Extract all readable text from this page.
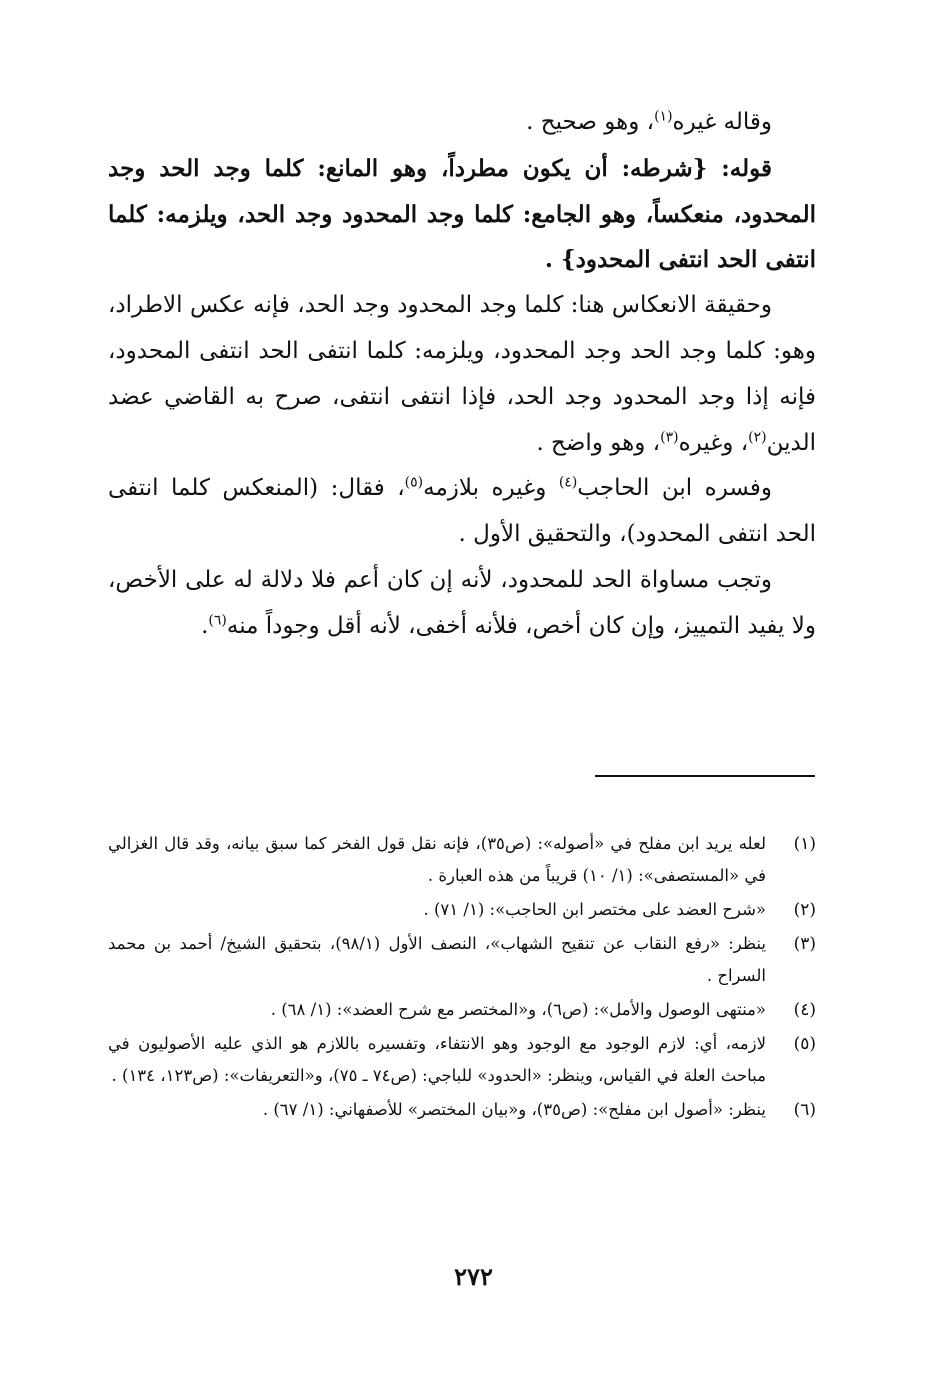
وقاله غيره$^{(١)}$، وهو صحيح .

قوله: {شرطه: أن يكون مطرداً، وهو المانع: كلما وجد الحد وجد المحدود، منعكساً، وهو الجامع: كلما وجد المحدود وجد الحد، ويلزمه: كلما انتفى الحد انتفى المحدود} .

وحقيقة الانعكاس هنا: كلما وجد المحدود وجد الحد، فإنه عكس الاطراد، وهو: كلما وجد الحد وجد المحدود، ويلزمه: كلما انتفى الحد انتفى المحدود، فإنه إذا وجد المحدود وجد الحد، فإذا انتفى انتفى، صرح به القاضي عضد الدين$^{(٢)}$، وغيره$^{(٣)}$، وهو واضح .

وفسره ابن الحاجب$^{(٤)}$ وغيره بلازمه$^{(٥)}$، فقال: (المنعكس كلما انتفى الحد انتفى المحدود)، والتحقيق الأول .

وتجب مساواة الحد للمحدود، لأنه إن كان أعم فلا دلالة له على الأخص، ولا يفيد التمييز، وإن كان أخص، فلأنه أخفى، لأنه أقل وجوداً منه$^{(٦)}$.

(١)
لعله يريد ابن مفلح في «أصوله»: (ص٣٥)، فإنه نقل قول الفخر كما سبق بيانه، وقد قال الغزالي في «المستصفى»: (١/ ١٠) قريباً من هذه العبارة .
(٢)
«شرح العضد على مختصر ابن الحاجب»: (١/ ٧١) .
(٣)
ينظر: «رفع النقاب عن تنقيح الشهاب»، النصف الأول (٩٨/١)، بتحقيق الشيخ/ أحمد بن محمد السراح .
(٤)
«منتهى الوصول والأمل»: (ص٦)، و«المختصر مع شرح العضد»: (١/ ٦٨) .
(٥)
لازمه، أي: لازم الوجود مع الوجود وهو الانتفاء، وتفسيره باللازم هو الذي عليه الأصوليون في مباحث العلة في القياس، وينظر: «الحدود» للباجي: (ص٧٤ ـ ٧٥)، و«التعريفات»: (ص١٢٣، ١٣٤) .
(٦)
ينظر: «أصول ابن مفلح»: (ص٣٥)، و«بيان المختصر» للأصفهاني: (١/ ٦٧) .
٢٧٢
